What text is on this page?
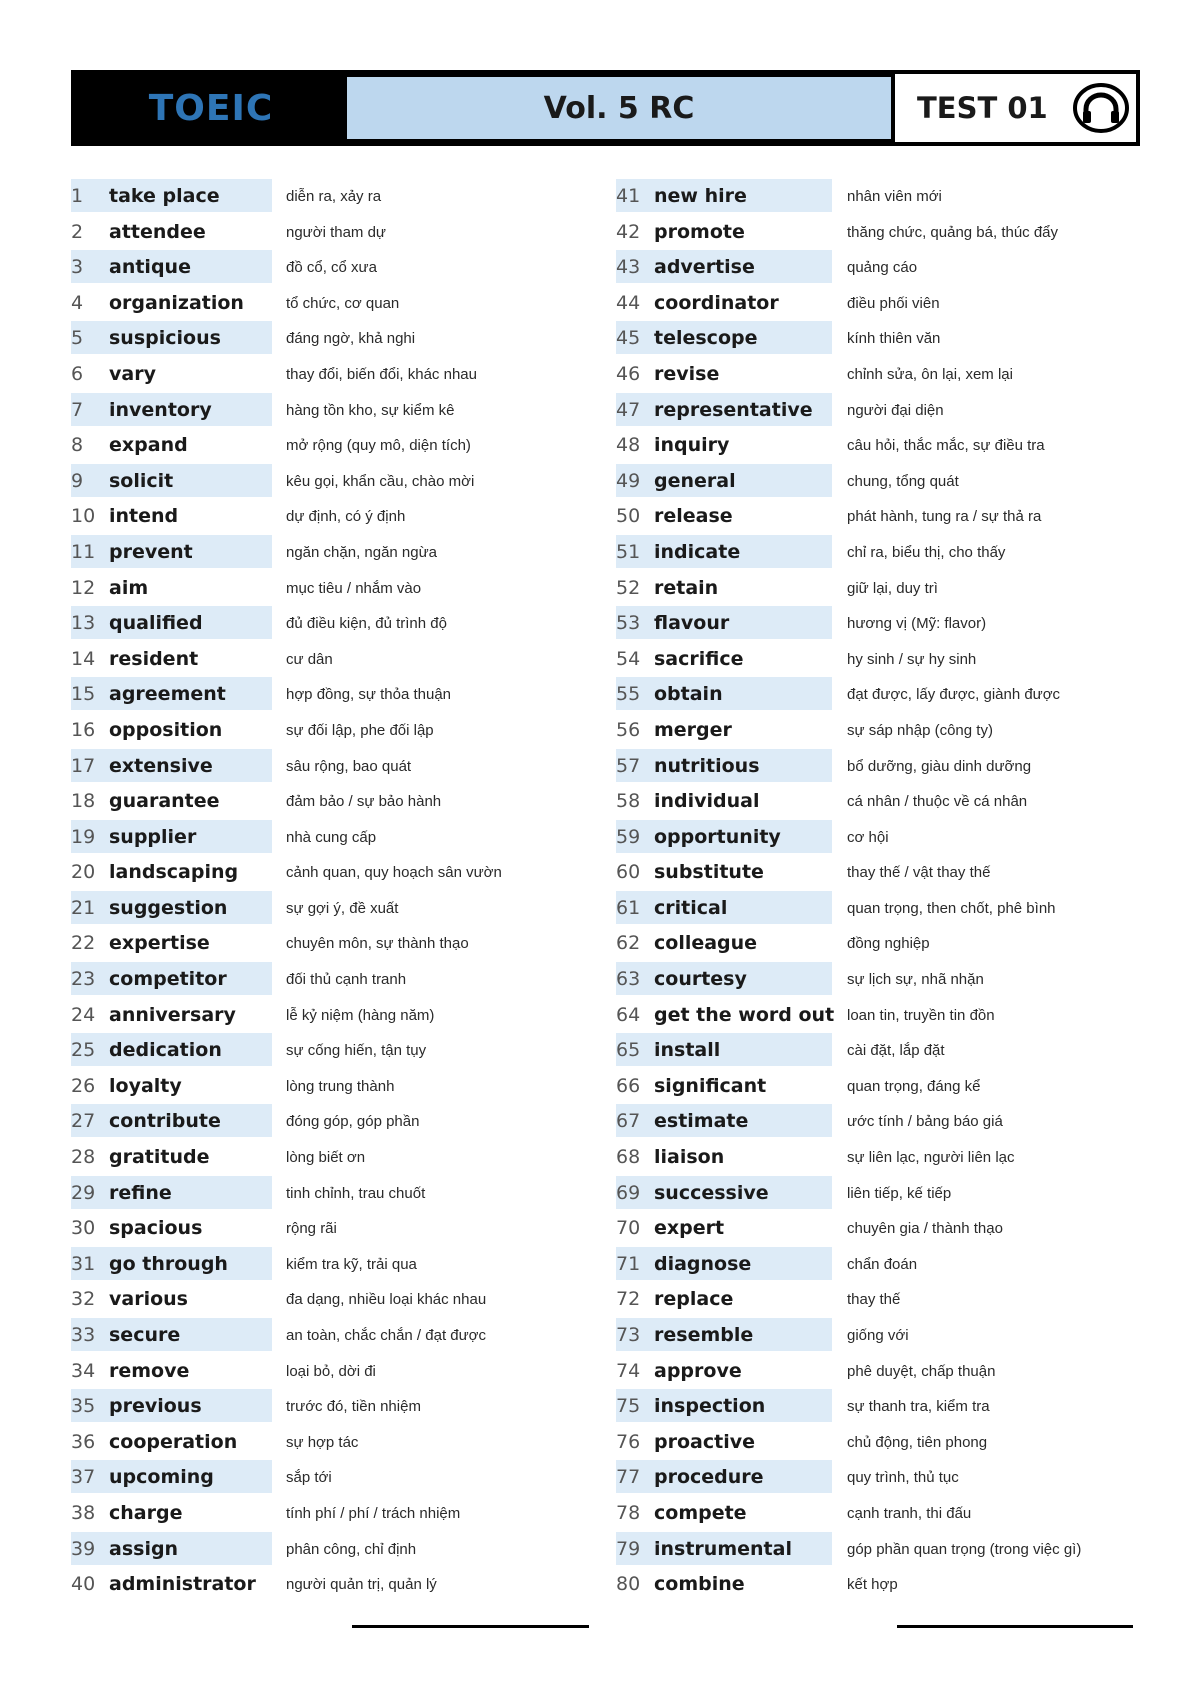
TOEIC	Vol. 5 RC	TEST 01
1	take place	diễn ra, xảy ra
2	attendee	người tham dự
3	antique	đồ cổ, cổ xưa
4	organization	tổ chức, cơ quan
5	suspicious	đáng ngờ, khả nghi
6	vary	thay đổi, biến đổi, khác nhau
7	inventory	hàng tồn kho, sự kiểm kê
8	expand	mở rộng (quy mô, diện tích)
9	solicit	kêu gọi, khẩn cầu, chào mời
10 intend	dự định, có ý định
11 prevent	ngăn chặn, ngăn ngừa
12 aim	mục tiêu / nhắm vào
13 qualified	đủ điều kiện, đủ trình độ
14 resident	cư dân
15 agreement	hợp đồng, sự thỏa thuận
16 opposition	sự đối lập, phe đối lập
17 extensive	sâu rộng, bao quát
18 guarantee	đảm bảo / sự bảo hành
19 supplier	nhà cung cấp
20 landscaping	cảnh quan, quy hoạch sân vườn
21 suggestion	sự gợi ý, đề xuất
22 expertise	chuyên môn, sự thành thạo
23 competitor	đối thủ cạnh tranh
24 anniversary	lễ kỷ niệm (hàng năm)
25 dedication	sự cống hiến, tận tụy
26 loyalty	lòng trung thành
27 contribute	đóng góp, góp phần
28 gratitude	lòng biết ơn
29 refine	tinh chỉnh, trau chuốt
30 spacious	rộng rãi
31 go through	kiểm tra kỹ, trải qua
32 various	đa dạng, nhiều loại khác nhau
33 secure	an toàn, chắc chắn / đạt được
34 remove	loại bỏ, dời đi
35 previous	trước đó, tiền nhiệm
36 cooperation	sự hợp tác
37 upcoming	sắp tới
38 charge	tính phí / phí / trách nhiệm
39 assign	phân công, chỉ định
40 administrator người quản trị, quản lý
41 new hire	nhân viên mới
42 promote	thăng chức, quảng bá, thúc đẩy
43 advertise	quảng cáo
44 coordinator	điều phối viên
45 telescope	kính thiên văn
46 revise	chỉnh sửa, ôn lại, xem lại
47 representative người đại diện
48 inquiry	câu hỏi, thắc mắc, sự điều tra
49 general	chung, tổng quát
50 release	phát hành, tung ra / sự thả ra
51 indicate	chỉ ra, biểu thị, cho thấy
52 retain	giữ lại, duy trì
53 flavour	hương vị (Mỹ: flavor)
54 sacrifice	hy sinh / sự hy sinh
55 obtain	đạt được, lấy được, giành được
56 merger	sự sáp nhập (công ty)
57 nutritious	bổ dưỡng, giàu dinh dưỡng
58 individual	cá nhân / thuộc về cá nhân
59 opportunity	cơ hội
60 substitute	thay thế / vật thay thế
61 critical	quan trọng, then chốt, phê bình
62 colleague	đồng nghiệp
63 courtesy	sự lịch sự, nhã nhặn
64 get the word out loan tin, truyền tin đồn
65 install	cài đặt, lắp đặt
66 significant	quan trọng, đáng kể
67 estimate	ước tính / bảng báo giá
68 liaison	sự liên lạc, người liên lạc
69 successive	liên tiếp, kế tiếp
70 expert	chuyên gia / thành thạo
71 diagnose	chẩn đoán
72 replace	thay thế
73 resemble	giống với
74 approve	phê duyệt, chấp thuận
75 inspection	sự thanh tra, kiểm tra
76 proactive	chủ động, tiên phong
77 procedure	quy trình, thủ tục
78 compete	cạnh tranh, thi đấu
79 instrumental	góp phần quan trọng (trong việc gì)
80 combine	kết hợp
